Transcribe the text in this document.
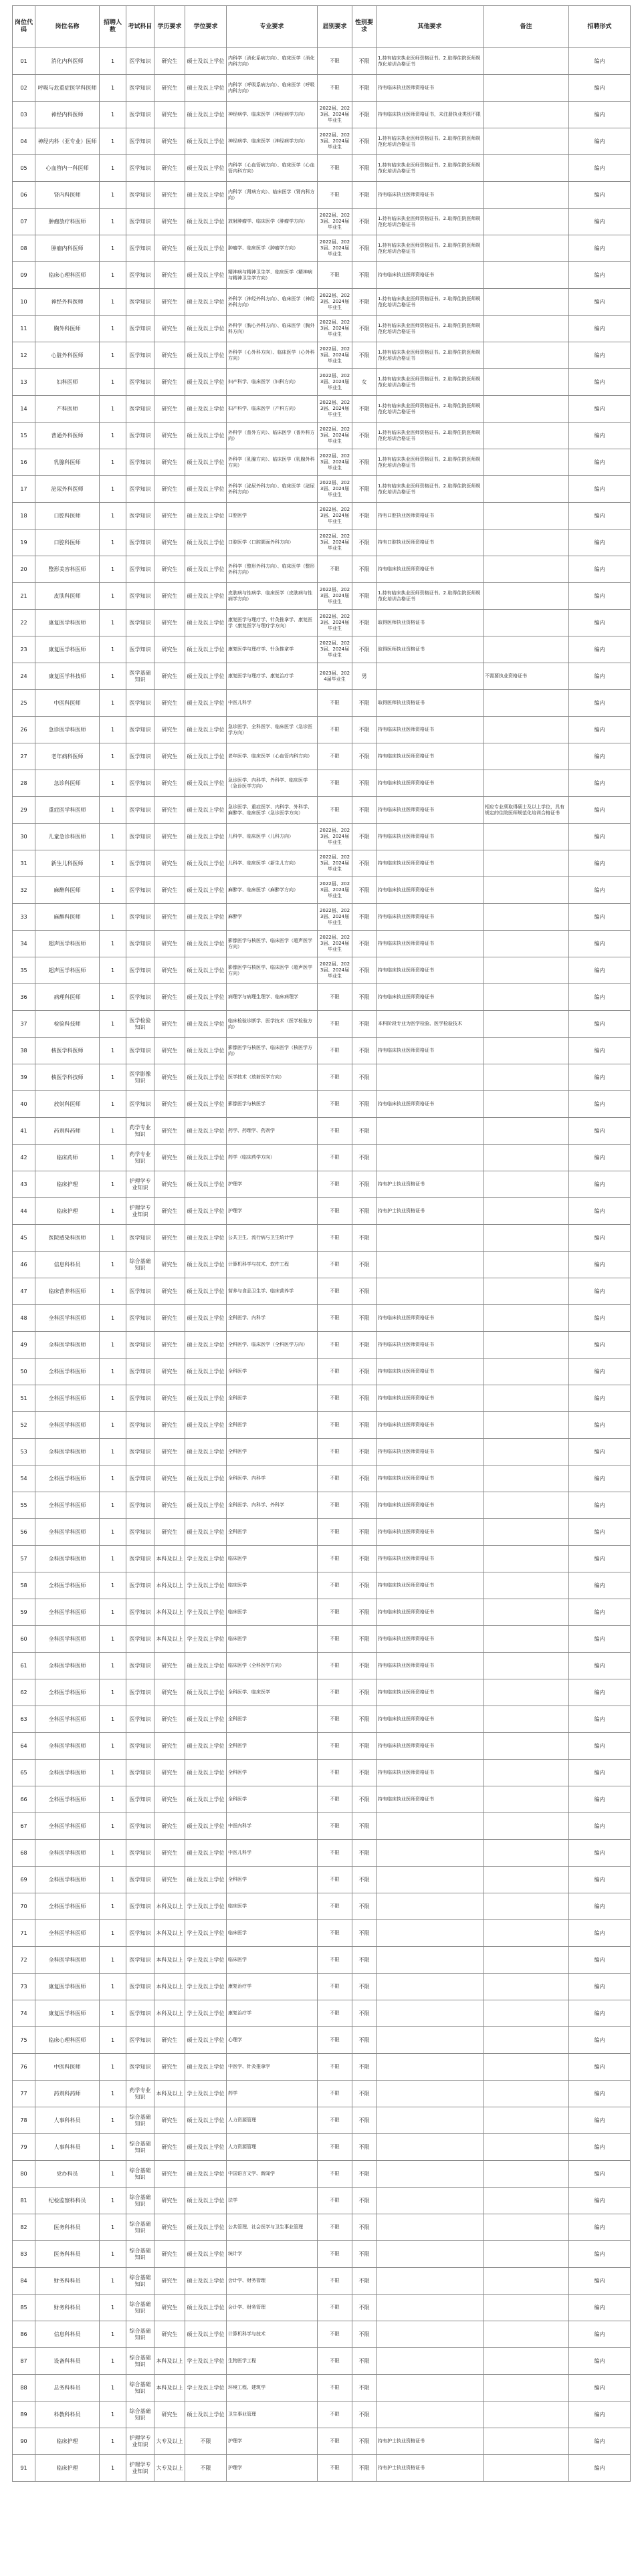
岗位代码	岗位名称	招聘人数	考试科目	学历要求	学位要求	专业要求	届别要求	性别要求	其他要求	备注	招聘形式
01	消化内科医师	1	医学知识	研究生	硕士及以上学位	内科学（消化系病方向）、临床医学（消化内科方向）	不限	不限	1.持有临床执业医师资格证书。2.取得住院医师规范化培训合格证书		编内
02	呼吸与危重症医学科医师	1	医学知识	研究生	硕士及以上学位	内科学（呼吸系病方向）、临床医学（呼吸内科方向）	不限	不限	持有临床执业医师资格证书		编内
03	神经内科医师	1	医学知识	研究生	硕士及以上学位	神经病学、临床医学（神经病学方向）	2022届、2023届、2024届毕业生	不限	持有临床执业医师资格证书，未注册执业类别不限		编内
04	神经内科（亚专业）医师	1	医学知识	研究生	硕士及以上学位	神经病学、临床医学（神经病学方向）	2022届、2023届、2024届毕业生	不限	1.持有临床执业医师资格证书。2.取得住院医师规范化培训合格证书		编内
05	心血管内一科医师	1	医学知识	研究生	硕士及以上学位	内科学（心血管病方向）、临床医学（心血管内科方向）	不限	不限	1.持有临床执业医师资格证书。2.取得住院医师规范化培训合格证书		编内
06	肾内科医师	1	医学知识	研究生	硕士及以上学位	内科学（肾病方向）、临床医学（肾内科方向）	不限	不限	持有临床执业医师资格证书		编内
07	肿瘤放疗科医师	1	医学知识	研究生	硕士及以上学位	放射肿瘤学、临床医学（肿瘤学方向）	2022届、2023届、2024届毕业生	不限	1.持有临床执业医师资格证书。2.取得住院医师规范化培训合格证书		编内
08	肿瘤内科医师	1	医学知识	研究生	硕士及以上学位	肿瘤学、临床医学（肿瘤学方向）	2022届、2023届、2024届毕业生	不限	1.持有临床执业医师资格证书。2.取得住院医师规范化培训合格证书		编内
09	临床心理科医师	1	医学知识	研究生	硕士及以上学位	精神病与精神卫生学、临床医学（精神病与精神卫生学方向）	不限	不限	持有临床执业医师资格证书		编内
10	神经外科医师	1	医学知识	研究生	硕士及以上学位	外科学（神经外科方向）、临床医学（神经外科方向）	2022届、2023届、2024届毕业生	不限	1.持有临床执业医师资格证书。2.取得住院医师规范化培训合格证书		编内
11	胸外科医师	1	医学知识	研究生	硕士及以上学位	外科学（胸心外科方向）、临床医学（胸外科方向）	2022届、2023届、2024届毕业生	不限	1.持有临床执业医师资格证书。2.取得住院医师规范化培训合格证书		编内
12	心脏外科医师	1	医学知识	研究生	硕士及以上学位	外科学（心外科方向）、临床医学（心外科方向）	2022届、2023届、2024届毕业生	不限	1.持有临床执业医师资格证书。2.取得住院医师规范化培训合格证书		编内
13	妇科医师	1	医学知识	研究生	硕士及以上学位	妇产科学、临床医学（妇科方向）	2022届、2023届、2024届毕业生	女	1.持有临床执业医师资格证书。2.取得住院医师规范化培训合格证书		编内
14	产科医师	1	医学知识	研究生	硕士及以上学位	妇产科学、临床医学（产科方向）	2022届、2023届、2024届毕业生	不限	1.持有临床执业医师资格证书。2.取得住院医师规范化培训合格证书		编内
15	普通外科医师	1	医学知识	研究生	硕士及以上学位	外科学（普外方向）、临床医学（普外科方向）	2022届、2023届、2024届毕业生	不限	1.持有临床执业医师资格证书。2.取得住院医师规范化培训合格证书		编内
16	乳腺科医师	1	医学知识	研究生	硕士及以上学位	外科学（乳腺方向）、临床医学（乳腺外科方向）	2022届、2023届、2024届毕业生	不限	1.持有临床执业医师资格证书。2.取得住院医师规范化培训合格证书		编内
17	泌尿外科医师	1	医学知识	研究生	硕士及以上学位	外科学（泌尿外科方向）、临床医学（泌尿外科方向）	2022届、2023届、2024届毕业生	不限	1.持有临床执业医师资格证书。2.取得住院医师规范化培训合格证书		编内
18	口腔科医师	1	医学知识	研究生	硕士及以上学位	口腔医学	2022届、2023届、2024届毕业生	不限	持有口腔执业医师资格证书		编内
19	口腔科医师	1	医学知识	研究生	硕士及以上学位	口腔医学（口腔颌面外科方向）	2022届、2023届、2024届毕业生	不限	持有口腔执业医师资格证书		编内
20	整形美容科医师	1	医学知识	研究生	硕士及以上学位	外科学（整形外科方向）、临床医学（整形外科方向）	不限	不限	持有临床执业医师资格证书		编内
21	皮肤科医师	1	医学知识	研究生	硕士及以上学位	皮肤病与性病学、临床医学（皮肤病与性病学方向）	2022届、2023届、2024届毕业生	不限	1.持有临床执业医师资格证书。2.取得住院医师规范化培训合格证书		编内
22	康复医学科医师	1	医学知识	研究生	硕士及以上学位	康复医学与理疗学、针灸推拿学、康复医学（康复医学与理疗学方向）	2022届、2023届、2024届毕业生	不限	取得医师执业资格证书		编内
23	康复医学科医师	1	医学知识	研究生	硕士及以上学位	康复医学与理疗学、针灸推拿学	2022届、2023届、2024届毕业生	不限	取得医师执业资格证书		编内
24	康复医学科技师	1	医学基础知识	研究生	硕士及以上学位	康复医学与理疗学、康复治疗学	2023届、2024届毕业生	男		不需要执业资格证书	编内
25	中医科医师	1	医学知识	研究生	硕士及以上学位	中医儿科学	不限	不限	取得医师执业资格证书		编内
26	急诊医学科医师	1	医学知识	研究生	硕士及以上学位	急诊医学、全科医学、临床医学（急诊医学方向）	不限	不限	持有临床执业医师资格证书		编内
27	老年病科医师	1	医学知识	研究生	硕士及以上学位	老年医学、临床医学（心血管内科方向）	不限	不限	持有临床执业医师资格证书		编内
28	急诊科医师	1	医学知识	研究生	硕士及以上学位	急诊医学、内科学、外科学、临床医学（急诊医学方向）	不限	不限	持有临床执业医师资格证书		编内
29	重症医学科医师	1	医学知识	研究生	硕士及以上学位	急诊医学、重症医学、内科学、外科学、麻醉学、临床医学（急诊医学方向）	不限	不限	持有临床执业医师资格证书	相应专业须取得硕士及以上学位，具有规定的住院医师规范化培训合格证书	编内
30	儿童急诊科医师	1	医学知识	研究生	硕士及以上学位	儿科学、临床医学（儿科方向）	2022届、2023届、2024届毕业生	不限	持有临床执业医师资格证书		编内
31	新生儿科医师	1	医学知识	研究生	硕士及以上学位	儿科学、临床医学（新生儿方向）	2022届、2023届、2024届毕业生	不限	持有临床执业医师资格证书		编内
32	麻醉科医师	1	医学知识	研究生	硕士及以上学位	麻醉学、临床医学（麻醉学方向）	2022届、2023届、2024届毕业生	不限	持有临床执业医师资格证书		编内
33	麻醉科医师	1	医学知识	研究生	硕士及以上学位	麻醉学	2022届、2023届、2024届毕业生	不限	持有临床执业医师资格证书		编内
34	超声医学科医师	1	医学知识	研究生	硕士及以上学位	影像医学与核医学、临床医学（超声医学方向）	2022届、2023届、2024届毕业生	不限	持有临床执业医师资格证书		编内
35	超声医学科医师	1	医学知识	研究生	硕士及以上学位	影像医学与核医学、临床医学（超声医学方向）	2022届、2023届、2024届毕业生	不限	持有临床执业医师资格证书		编内
36	病理科医师	1	医学知识	研究生	硕士及以上学位	病理学与病理生理学、临床病理学	不限	不限	持有临床执业医师资格证书		编内
37	检验科技师	1	医学检验知识	研究生	硕士及以上学位	临床检验诊断学、医学技术（医学检验方向）	不限	不限	本科阶段专业为医学检验、医学检验技术		编内
38	核医学科医师	1	医学知识	研究生	硕士及以上学位	影像医学与核医学、临床医学（核医学方向）	不限	不限	持有临床执业医师资格证书		编内
39	核医学科技师	1	医学影像知识	研究生	硕士及以上学位	医学技术（放射医学方向）	不限	不限			编内
40	放射科医师	1	医学知识	研究生	硕士及以上学位	影像医学与核医学	不限	不限	持有临床执业医师资格证书		编内
41	药剂科药师	1	药学专业知识	研究生	硕士及以上学位	药学、药理学、药剂学	不限	不限			编内
42	临床药师	1	药学专业知识	研究生	硕士及以上学位	药学（临床药学方向）	不限	不限			编内
43	临床护理	1	护理学专业知识	研究生	硕士及以上学位	护理学	不限	不限	持有护士执业资格证书		编内
44	临床护理	1	护理学专业知识	研究生	硕士及以上学位	护理学	不限	不限	持有护士执业资格证书		编内
45	医院感染科医师	1	医学知识	研究生	硕士及以上学位	公共卫生、流行病与卫生统计学	不限	不限			编内
46	信息科科员	1	综合基础知识	研究生	硕士及以上学位	计算机科学与技术、软件工程	不限	不限			编内
47	临床营养科医师	1	医学知识	研究生	硕士及以上学位	营养与食品卫生学、临床营养学	不限	不限			编内
48	全科医学科医师	1	医学知识	研究生	硕士及以上学位	全科医学、内科学	不限	不限	持有临床执业医师资格证书		编内
49	全科医学科医师	1	医学知识	研究生	硕士及以上学位	全科医学、临床医学（全科医学方向）	不限	不限	持有临床执业医师资格证书		编内
50	全科医学科医师	1	医学知识	研究生	硕士及以上学位	全科医学	不限	不限	持有临床执业医师资格证书		编内
51	全科医学科医师	1	医学知识	研究生	硕士及以上学位	全科医学	不限	不限	持有临床执业医师资格证书		编内
52	全科医学科医师	1	医学知识	研究生	硕士及以上学位	全科医学	不限	不限	持有临床执业医师资格证书		编内
53	全科医学科医师	1	医学知识	研究生	硕士及以上学位	全科医学	不限	不限	持有临床执业医师资格证书		编内
54	全科医学科医师	1	医学知识	研究生	硕士及以上学位	全科医学、内科学	不限	不限	持有临床执业医师资格证书		编内
55	全科医学科医师	1	医学知识	研究生	硕士及以上学位	全科医学、内科学、外科学	不限	不限	持有临床执业医师资格证书		编内
56	全科医学科医师	1	医学知识	研究生	硕士及以上学位	全科医学	不限	不限	持有临床执业医师资格证书		编内
57	全科医学科医师	1	医学知识	本科及以上	学士及以上学位	临床医学	不限	不限	持有临床执业医师资格证书		编内
58	全科医学科医师	1	医学知识	本科及以上	学士及以上学位	临床医学	不限	不限	持有临床执业医师资格证书		编内
59	全科医学科医师	1	医学知识	本科及以上	学士及以上学位	临床医学	不限	不限	持有临床执业医师资格证书		编内
60	全科医学科医师	1	医学知识	本科及以上	学士及以上学位	临床医学	不限	不限	持有临床执业医师资格证书		编内
61	全科医学科医师	1	医学知识	研究生	硕士及以上学位	临床医学（全科医学方向）	不限	不限	持有临床执业医师资格证书		编内
62	全科医学科医师	1	医学知识	研究生	硕士及以上学位	全科医学、临床医学	不限	不限	持有临床执业医师资格证书		编内
63	全科医学科医师	1	医学知识	研究生	硕士及以上学位	全科医学	不限	不限	持有临床执业医师资格证书		编内
64	全科医学科医师	1	医学知识	研究生	硕士及以上学位	全科医学	不限	不限	持有临床执业医师资格证书		编内
65	全科医学科医师	1	医学知识	研究生	硕士及以上学位	全科医学	不限	不限	持有临床执业医师资格证书		编内
66	全科医学科医师	1	医学知识	研究生	硕士及以上学位	全科医学	不限	不限	持有临床执业医师资格证书		编内
67	全科医学科医师	1	医学知识	研究生	硕士及以上学位	中医内科学	不限	不限			编内
68	全科医学科医师	1	医学知识	研究生	硕士及以上学位	中医儿科学	不限	不限			编内
69	全科医学科医师	1	医学知识	研究生	硕士及以上学位	全科医学	不限	不限			编内
70	全科医学科医师	1	医学知识	本科及以上	学士及以上学位	临床医学	不限	不限			编内
71	全科医学科医师	1	医学知识	本科及以上	学士及以上学位	临床医学	不限	不限			编内
72	全科医学科医师	1	医学知识	本科及以上	学士及以上学位	临床医学	不限	不限			编内
73	康复医学科医师	1	医学知识	本科及以上	学士及以上学位	康复治疗学	不限	不限			编内
74	康复医学科医师	1	医学知识	本科及以上	学士及以上学位	康复治疗学	不限	不限			编内
75	临床心理科医师	1	医学知识	研究生	硕士及以上学位	心理学	不限	不限			编内
76	中医科医师	1	医学知识	研究生	硕士及以上学位	中医学、针灸推拿学	不限	不限			编内
77	药剂科药师	1	药学专业知识	本科及以上	学士及以上学位	药学	不限	不限			编内
78	人事科科员	1	综合基础知识	研究生	硕士及以上学位	人力资源管理	不限	不限			编内
79	人事科科员	1	综合基础知识	研究生	硕士及以上学位	人力资源管理	不限	不限			编内
80	党办科员	1	综合基础知识	研究生	硕士及以上学位	中国语言文学、新闻学	不限	不限			编内
81	纪检监察科科员	1	综合基础知识	研究生	硕士及以上学位	法学	不限	不限			编内
82	医务科科员	1	综合基础知识	研究生	硕士及以上学位	公共管理、社会医学与卫生事业管理	不限	不限			编内
83	医务科科员	1	综合基础知识	研究生	硕士及以上学位	统计学	不限	不限			编内
84	财务科科员	1	综合基础知识	研究生	硕士及以上学位	会计学、财务管理	不限	不限			编内
85	财务科科员	1	综合基础知识	研究生	硕士及以上学位	会计学、财务管理	不限	不限			编内
86	信息科科员	1	综合基础知识	研究生	硕士及以上学位	计算机科学与技术	不限	不限			编内
87	设备科科员	1	综合基础知识	本科及以上	学士及以上学位	生物医学工程	不限	不限			编内
88	总务科科员	1	综合基础知识	本科及以上	学士及以上学位	环境工程、建筑学	不限	不限			编内
89	科教科科员	1	综合基础知识	研究生	硕士及以上学位	卫生事业管理	不限	不限			编内
90	临床护理	1	护理学专业知识	大专及以上	不限	护理学	不限	不限	持有护士执业资格证书		编内
91	临床护理	1	护理学专业知识	大专及以上	不限	护理学	不限	不限	持有护士执业资格证书		编内
